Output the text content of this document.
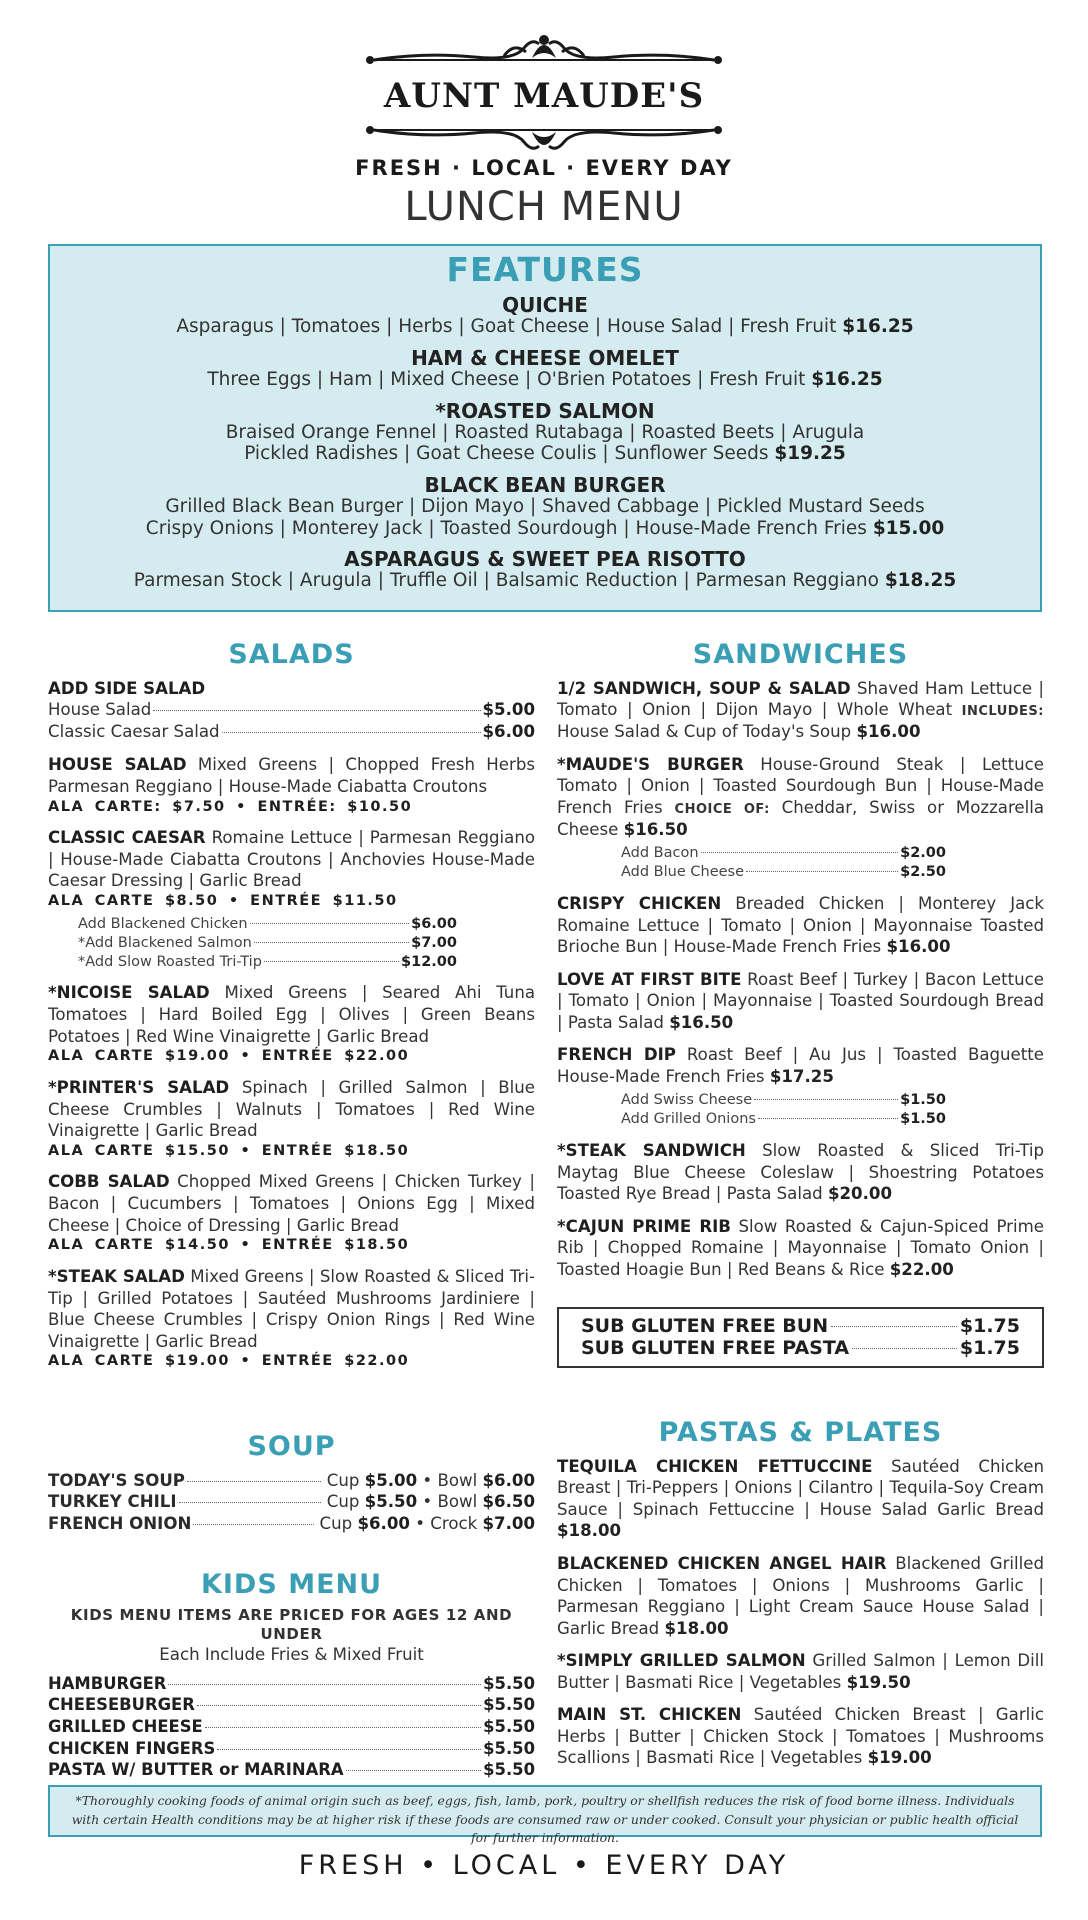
AUNT MAUDE'S
FRESH · LOCAL · EVERY DAY
LUNCH MENU
FEATURES
QUICHE
Asparagus | Tomatoes | Herbs | Goat Cheese | House Salad | Fresh Fruit $16.25
HAM & CHEESE OMELET
Three Eggs | Ham | Mixed Cheese | O'Brien Potatoes | Fresh Fruit $16.25
*ROASTED SALMON
Braised Orange Fennel | Roasted Rutabaga | Roasted Beets | Arugula
Pickled Radishes | Goat Cheese Coulis | Sunflower Seeds $19.25
BLACK BEAN BURGER
Grilled Black Bean Burger | Dijon Mayo | Shaved Cabbage | Pickled Mustard Seeds
Crispy Onions | Monterey Jack | Toasted Sourdough | House-Made French Fries $15.00
ASPARAGUS & SWEET PEA RISOTTO
Parmesan Stock | Arugula | Truffle Oil | Balsamic Reduction | Parmesan Reggiano $18.25
SALADS
ADD SIDE SALAD
House Salad	$5.00
Classic Caesar Salad	$6.00
HOUSE SALAD Mixed Greens | Chopped Fresh Herbs Parmesan Reggiano | House-Made Ciabatta Croutons
ALA CARTE: $7.50 • ENTRÉE: $10.50
CLASSIC CAESAR Romaine Lettuce | Parmesan Reggiano | House-Made Ciabatta Croutons | Anchovies House-Made Caesar Dressing | Garlic Bread
ALA CARTE $8.50 • ENTRÉE $11.50
Add Blackened Chicken	$6.00
*Add Blackened Salmon	$7.00
*Add Slow Roasted Tri-Tip	$12.00
*NICOISE SALAD Mixed Greens | Seared Ahi Tuna Tomatoes | Hard Boiled Egg | Olives | Green Beans Potatoes | Red Wine Vinaigrette | Garlic Bread
ALA CARTE $19.00 • ENTRÉE $22.00
*PRINTER'S SALAD Spinach | Grilled Salmon | Blue Cheese Crumbles | Walnuts | Tomatoes | Red Wine Vinaigrette | Garlic Bread
ALA CARTE $15.50 • ENTRÉE $18.50
COBB SALAD Chopped Mixed Greens | Chicken Turkey | Bacon | Cucumbers | Tomatoes | Onions Egg | Mixed Cheese | Choice of Dressing | Garlic Bread
ALA CARTE $14.50 • ENTRÉE $18.50
*STEAK SALAD Mixed Greens | Slow Roasted & Sliced Tri-Tip | Grilled Potatoes | Sautéed Mushrooms Jardiniere | Blue Cheese Crumbles | Crispy Onion Rings | Red Wine Vinaigrette | Garlic Bread
ALA CARTE $19.00 • ENTRÉE $22.00
SOUP
TODAY'S SOUP	Cup $5.00 • Bowl $6.00
TURKEY CHILI	Cup $5.50 • Bowl $6.50
FRENCH ONION	Cup $6.00 • Crock $7.00
KIDS MENU
KIDS MENU ITEMS ARE PRICED FOR AGES 12 AND UNDER
Each Include Fries & Mixed Fruit
HAMBURGER	$5.50
CHEESEBURGER	$5.50
GRILLED CHEESE	$5.50
CHICKEN FINGERS	$5.50
PASTA W/ BUTTER or MARINARA	$5.50
SANDWICHES
1/2 SANDWICH, SOUP & SALAD Shaved Ham Lettuce | Tomato | Onion | Dijon Mayo | Whole Wheat INCLUDES: House Salad & Cup of Today's Soup $16.00
*MAUDE'S BURGER House-Ground Steak | Lettuce Tomato | Onion | Toasted Sourdough Bun | House-Made French Fries CHOICE OF: Cheddar, Swiss or Mozzarella Cheese $16.50
Add Bacon	$2.00
Add Blue Cheese	$2.50
CRISPY CHICKEN Breaded Chicken | Monterey Jack Romaine Lettuce | Tomato | Onion | Mayonnaise Toasted Brioche Bun | House-Made French Fries $16.00
LOVE AT FIRST BITE Roast Beef | Turkey | Bacon Lettuce | Tomato | Onion | Mayonnaise | Toasted Sourdough Bread | Pasta Salad $16.50
FRENCH DIP Roast Beef | Au Jus | Toasted Baguette House-Made French Fries $17.25
Add Swiss Cheese	$1.50
Add Grilled Onions	$1.50
*STEAK SANDWICH Slow Roasted & Sliced Tri-Tip Maytag Blue Cheese Coleslaw | Shoestring Potatoes Toasted Rye Bread | Pasta Salad $20.00
*CAJUN PRIME RIB Slow Roasted & Cajun-Spiced Prime Rib | Chopped Romaine | Mayonnaise | Tomato Onion | Toasted Hoagie Bun | Red Beans & Rice $22.00
SUB GLUTEN FREE BUN	$1.75
SUB GLUTEN FREE PASTA	$1.75
PASTAS & PLATES
TEQUILA CHICKEN FETTUCCINE Sautéed Chicken Breast | Tri-Peppers | Onions | Cilantro | Tequila-Soy Cream Sauce | Spinach Fettuccine | House Salad Garlic Bread $18.00
BLACKENED CHICKEN ANGEL HAIR Blackened Grilled Chicken | Tomatoes | Onions | Mushrooms Garlic | Parmesan Reggiano | Light Cream Sauce House Salad | Garlic Bread $18.00
*SIMPLY GRILLED SALMON Grilled Salmon | Lemon Dill Butter | Basmati Rice | Vegetables $19.50
MAIN ST. CHICKEN Sautéed Chicken Breast | Garlic Herbs | Butter | Chicken Stock | Tomatoes | Mushrooms Scallions | Basmati Rice | Vegetables $19.00
*Thoroughly cooking foods of animal origin such as beef, eggs, fish, lamb, pork, poultry or shellfish reduces the risk of food borne illness. Individuals with certain Health conditions may be at higher risk if these foods are consumed raw or under cooked. Consult your physician or public health official for further information.
FRESH • LOCAL • EVERY DAY
